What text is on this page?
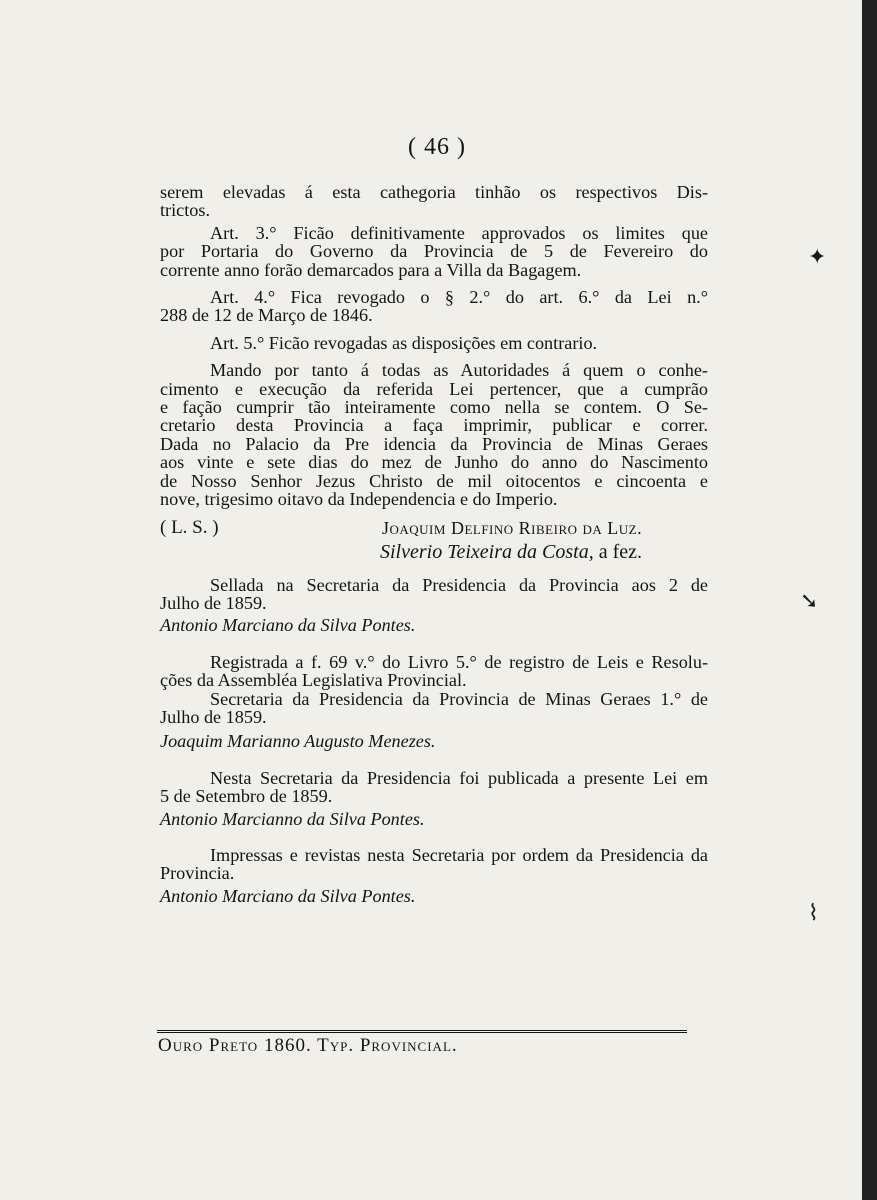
( 46 )

serem elevadas á esta cathegoria tinhão os respectivos Dis-

trictos.

Art. 3.° Ficão definitivamente approvados os limites que

por Portaria do Governo da Provincia de 5 de Fevereiro do

corrente anno forão demarcados para a Villa da Bagagem.

Art. 4.° Fica revogado o § 2.° do art. 6.° da Lei n.°

288 de 12 de Março de 1846.

Art. 5.° Ficão revogadas as disposições em contrario.

Mando por tanto á todas as Autoridades á quem o conhe-

cimento e execução da referida Lei pertencer, que a cumprão

e fação cumprir tão inteiramente como nella se contem. O Se-

cretario desta Provincia a faça imprimir, publicar e correr.

Dada no Palacio da Pre idencia da Provincia de Minas Geraes

aos vinte e sete dias do mez de Junho do anno do Nascimento

de Nosso Senhor Jezus Christo de mil oitocentos e cincoenta e

nove, trigesimo oitavo da Independencia e do Imperio.

( L. S. )	Joaquim Delfino Ribeiro da Luz.
Silverio Teixeira da Costa, a fez.

Sellada na Secretaria da Presidencia da Provincia aos 2 de

Julho de 1859.

Antonio Marciano da Silva Pontes.

Registrada a f. 69 v.° do Livro 5.° de registro de Leis e Resolu-

ções da Assembléa Legislativa Provincial.

Secretaria da Presidencia da Provincia de Minas Geraes 1.° de

Julho de 1859.

Joaquim Marianno Augusto Menezes.

Nesta Secretaria da Presidencia foi publicada a presente Lei em

5 de Setembro de 1859.

Antonio Marcianno da Silva Pontes.

Impressas e revistas nesta Secretaria por ordem da Presidencia da

Provincia.

Antonio Marciano da Silva Pontes.

Ouro Preto 1860. Typ. Provincial.
✦
➘
⌇
